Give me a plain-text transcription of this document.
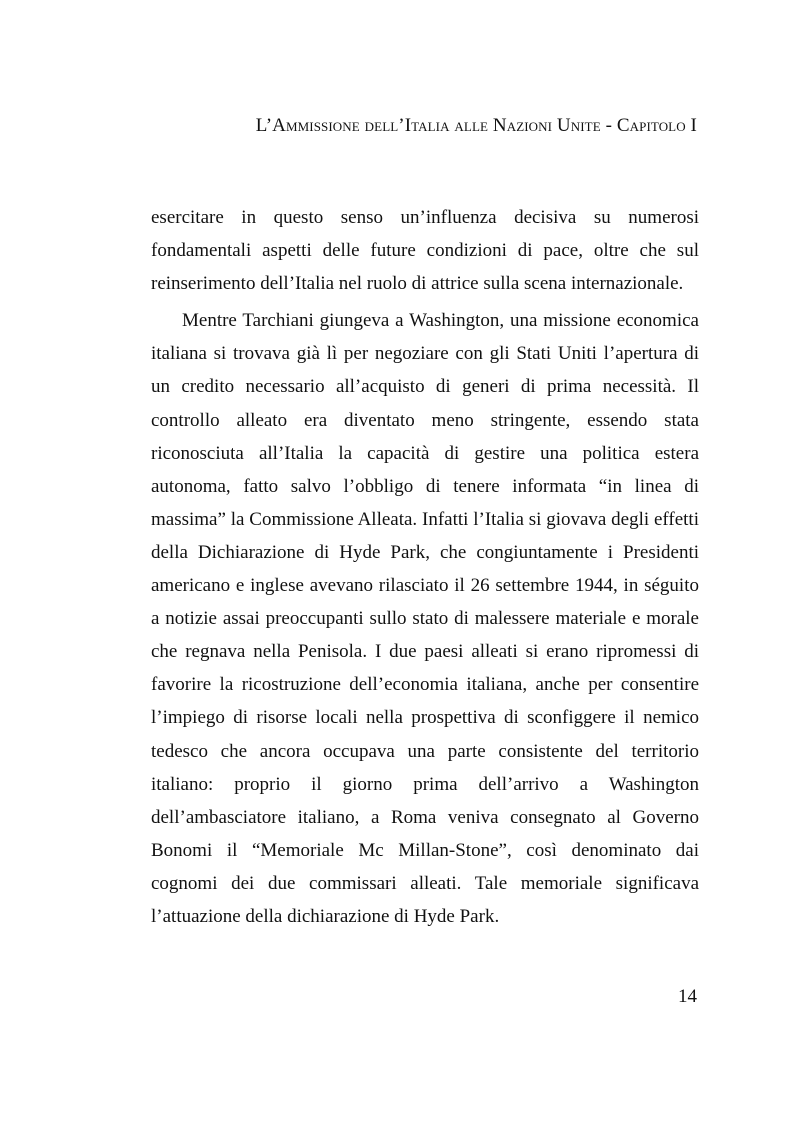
L’Ammissione dell’Italia alle Nazioni Unite - Capitolo I

esercitare in questo senso un’influenza decisiva su numerosi fondamentali aspetti delle future condizioni di pace, oltre che sul reinserimento dell’Italia nel ruolo di attrice sulla scena internazionale.

Mentre Tarchiani giungeva a Washington, una missione economica italiana si trovava già lì per negoziare con gli Stati Uniti l’apertura di un credito necessario all’acquisto di generi di prima necessità. Il controllo alleato era diventato meno stringente, essendo stata riconosciuta all’Italia la capacità di gestire una politica estera autonoma, fatto salvo l’obbligo di tenere informata “in linea di massima” la Commissione Alleata. Infatti l’Italia si giovava degli effetti della Dichiarazione di Hyde Park, che congiuntamente i Presidenti americano e inglese avevano rilasciato il 26 settembre 1944, in séguito a notizie assai preoccupanti sullo stato di malessere materiale e morale che regnava nella Penisola. I due paesi alleati si erano ripromessi di favorire la ricostruzione dell’economia italiana, anche per consentire l’impiego di risorse locali nella prospettiva di sconfiggere il nemico tedesco che ancora occupava una parte consistente del territorio italiano: proprio il giorno prima dell’arrivo a Washington dell’ambasciatore italiano, a Roma veniva consegnato al Governo Bonomi il “Memoriale Mc Millan-Stone”, così denominato dai cognomi dei due commissari alleati. Tale memoriale significava l’attuazione della dichiarazione di Hyde Park.

14
